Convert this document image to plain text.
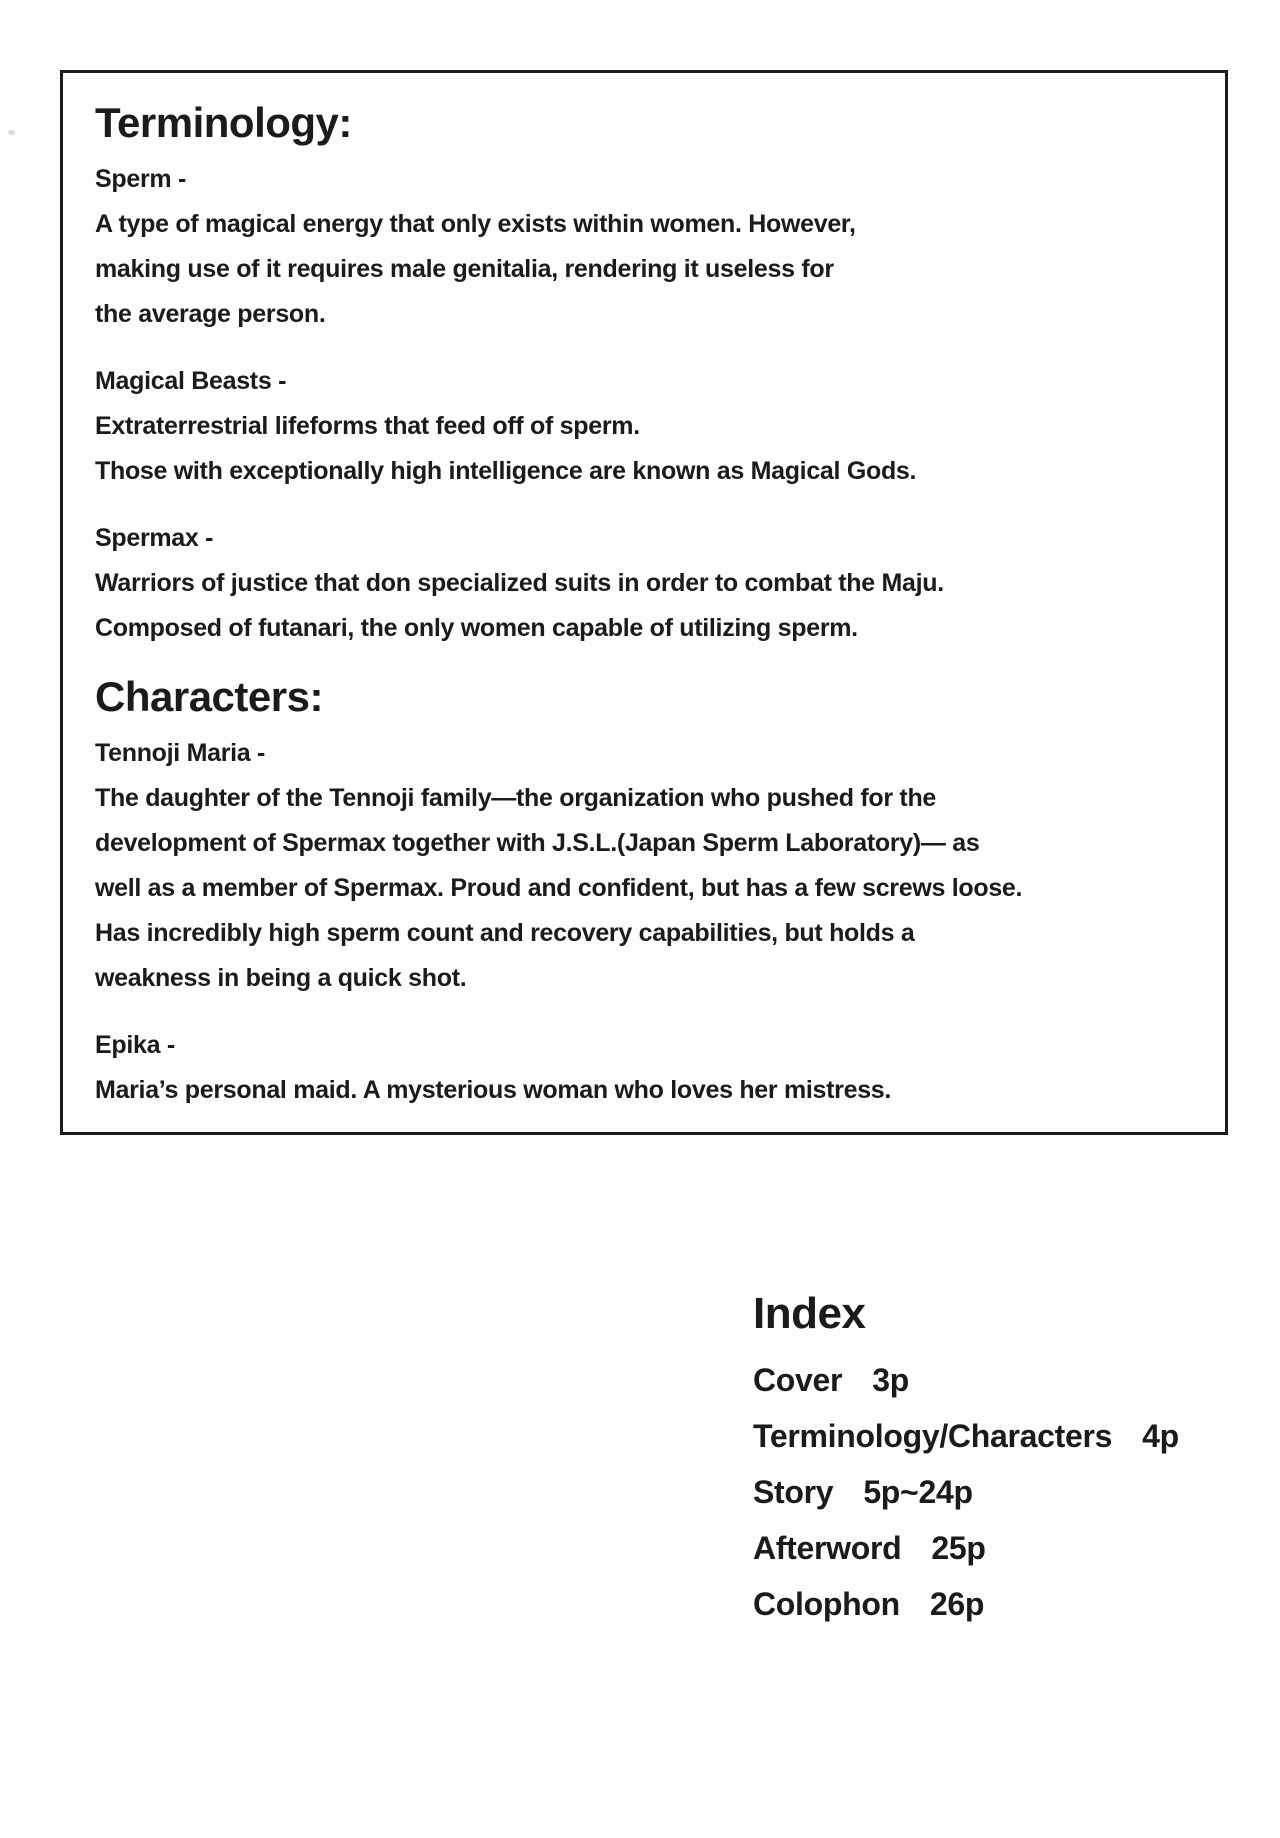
Terminology:
Sperm -
A type of magical energy that only exists within women. However,
making use of it requires male genitalia, rendering it useless for
the average person.
Magical Beasts -
Extraterrestrial lifeforms that feed off of sperm.
Those with exceptionally high intelligence are known as Magical Gods.
Spermax -
Warriors of justice that don specialized suits in order to combat the Maju.
Composed of futanari, the only women capable of utilizing sperm.
Characters:
Tennoji Maria -
The daughter of the Tennoji family—the organization who pushed for the
development of Spermax together with J.S.L.(Japan Sperm Laboratory)— as
well as a member of Spermax. Proud and confident, but has a few screws loose.
Has incredibly high sperm count and recovery capabilities, but holds a
weakness in being a quick shot.
Epika -
Maria’s personal maid. A mysterious woman who loves her mistress.
Index
Cover 3p
Terminology/Characters 4p
Story 5p~24p
Afterword 25p
Colophon 26p
